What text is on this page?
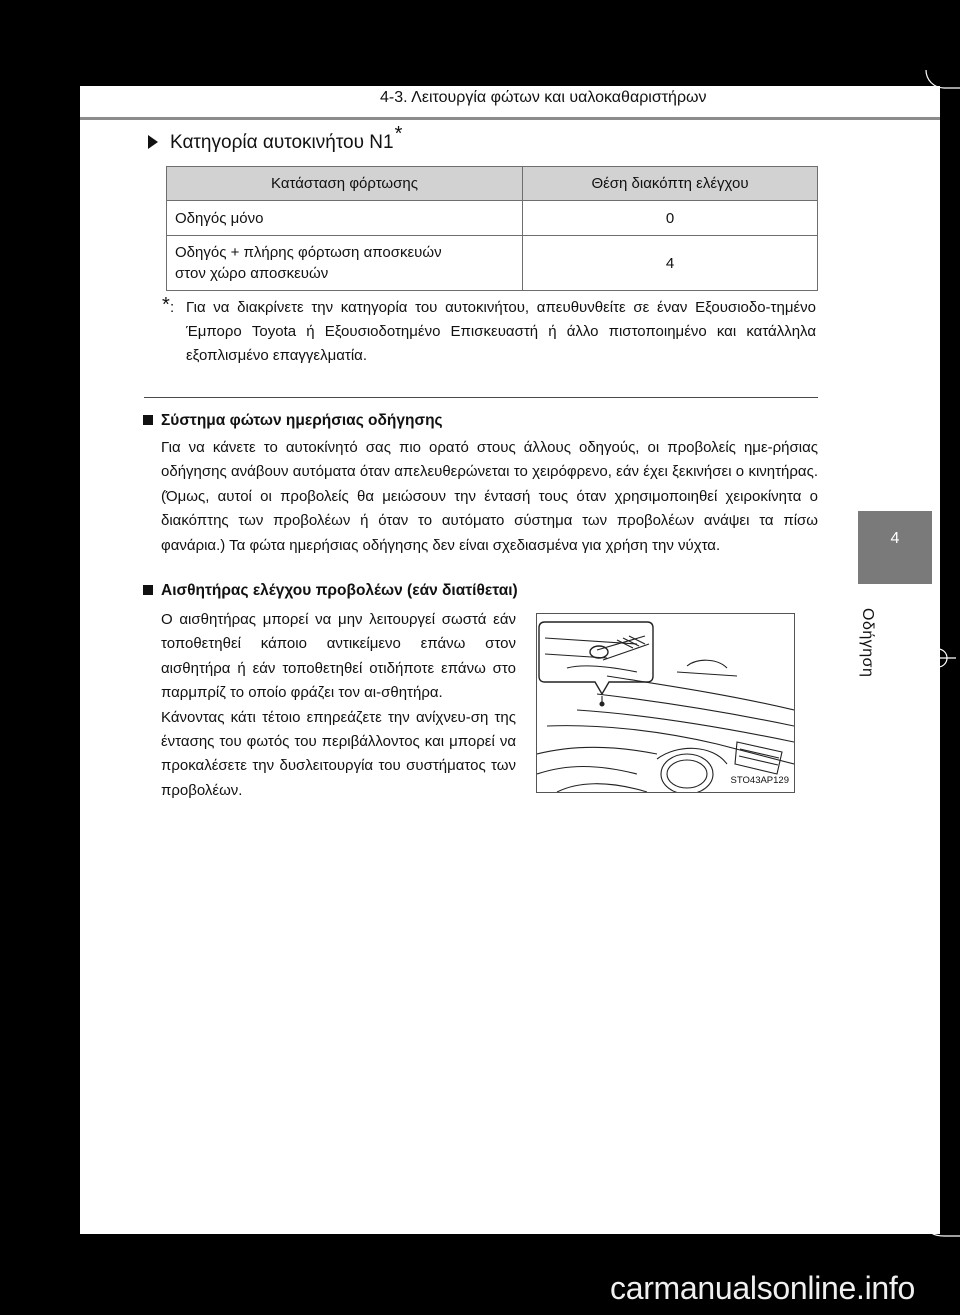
4-3. Λειτουργία φώτων και υαλοκαθαριστήρων
Κατηγορία αυτοκινήτου N1*
Κατάσταση φόρτωσης	Θέση διακόπτη ελέγχου
Οδηγός μόνο	0
Οδηγός + πλήρης φόρτωση αποσκευών
στον χώρο αποσκευών	4
* : Για να διακρίνετε την κατηγορία του αυτοκινήτου, απευθυνθείτε σε έναν Εξουσιοδο-τημένο Έμπορο Toyota ή Εξουσιοδοτημένο Επισκευαστή ή άλλο πιστοποιημένο και κατάλληλα εξοπλισμένο επαγγελματία.
Σύστημα φώτων ημερήσιας οδήγησης
Για να κάνετε το αυτοκίνητό σας πιο ορατό στους άλλους οδηγούς, οι προβολείς ημε-ρήσιας οδήγησης ανάβουν αυτόματα όταν απελευθερώνεται το χειρόφρενο, εάν έχει ξεκινήσει ο κινητήρας. (Όμως, αυτοί οι προβολείς θα μειώσουν την έντασή τους όταν χρησιμοποιηθεί χειροκίνητα ο διακόπτης των προβολέων ή όταν το αυτόματο σύστημα των προβολέων ανάψει τα πίσω φανάρια.) Τα φώτα ημερήσιας οδήγησης δεν είναι σχεδιασμένα για χρήση την νύχτα.
Αισθητήρας ελέγχου προβολέων (εάν διατίθεται)
Ο αισθητήρας μπορεί να μην λειτουργεί σωστά εάν τοποθετηθεί κάποιο αντικείμενο επάνω στον αισθητήρα ή εάν τοποθετηθεί οτιδήποτε επάνω στο παρμπρίζ το οποίο φράζει τον αι-σθητήρα.
Κάνοντας κάτι τέτοιο επηρεάζετε την ανίχνευ-ση της έντασης του φωτός του περιβάλλοντος και μπορεί να προκαλέσετε την δυσλειτουργία του συστήματος των προβολέων.
STO43AP129
4
Οδήγηση
carmanualsonline.info
